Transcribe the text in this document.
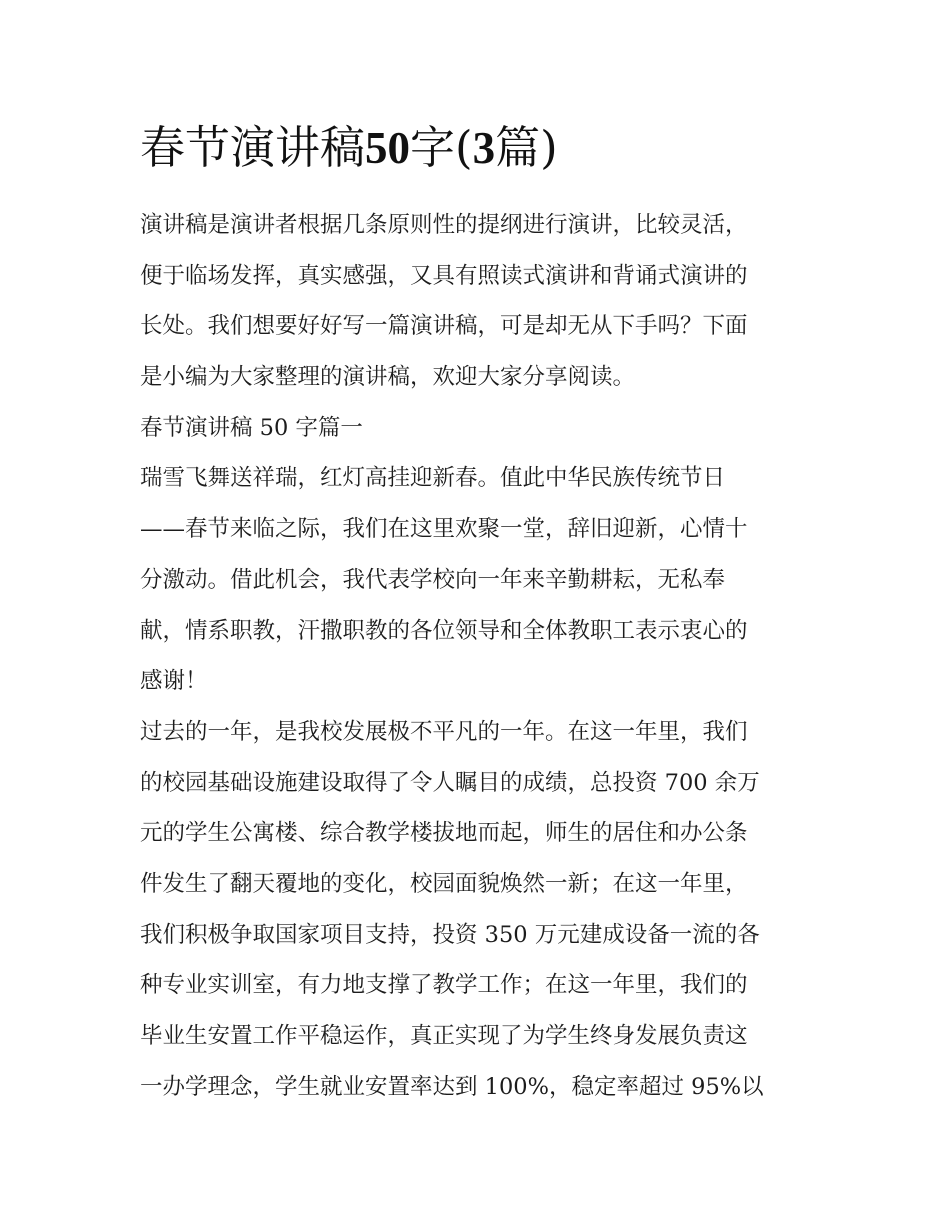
春节演讲稿50字(3篇)
演讲稿是演讲者根据几条原则性的提纲进行演讲，比较灵活，
便于临场发挥，真实感强，又具有照读式演讲和背诵式演讲的
长处。我们想要好好写一篇演讲稿，可是却无从下手吗？下面
是小编为大家整理的演讲稿，欢迎大家分享阅读。
春节演讲稿 50 字篇一
瑞雪飞舞送祥瑞，红灯高挂迎新春。值此中华民族传统节日
——春节来临之际，我们在这里欢聚一堂，辞旧迎新，心情十
分激动。借此机会，我代表学校向一年来辛勤耕耘，无私奉
献，情系职教，汗撒职教的各位领导和全体教职工表示衷心的
感谢！
过去的一年，是我校发展极不平凡的一年。在这一年里，我们
的校园基础设施建设取得了令人瞩目的成绩，总投资 700 余万
元的学生公寓楼、综合教学楼拔地而起，师生的居住和办公条
件发生了翻天覆地的变化，校园面貌焕然一新；在这一年里，
我们积极争取国家项目支持，投资 350 万元建成设备一流的各
种专业实训室，有力地支撑了教学工作；在这一年里，我们的
毕业生安置工作平稳运作，真正实现了为学生终身发展负责这
一办学理念，学生就业安置率达到 100%，稳定率超过 95%以
